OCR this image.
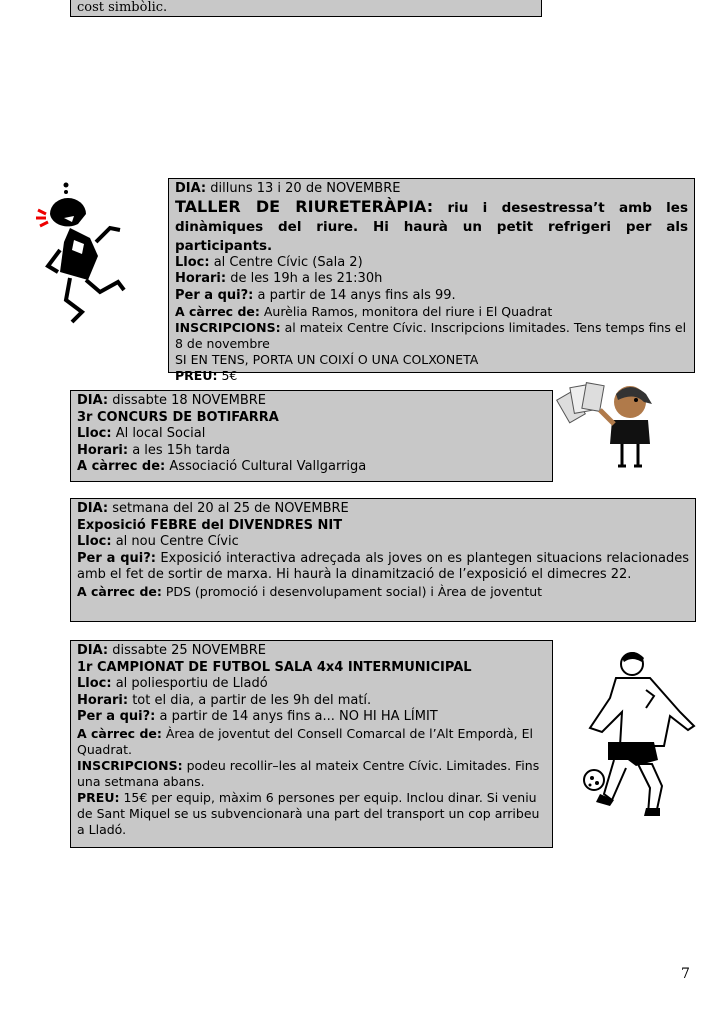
cost simbòlic.

DIA: dilluns 13 i 20 de NOVEMBRE

TALLER DE RIURETERÀPIA: riu i desestressa’t amb les dinàmiques del riure. Hi haurà un petit refrigeri per als participants.

Lloc: al Centre Cívic (Sala 2)

Horari: de les 19h a les 21:30h

Per a qui?: a partir de 14 anys fins als 99.

A càrrec de: Aurèlia Ramos, monitora del riure i El Quadrat

INSCRIPCIONS: al mateix Centre Cívic. Inscripcions limitades. Tens temps fins el 8 de novembre

SI EN TENS, PORTA UN COIXÍ O UNA COLXONETA

PREU: 5€

DIA: dissabte 18 NOVEMBRE

3r CONCURS DE BOTIFARRA

Lloc: Al local Social

Horari: a les 15h tarda

A càrrec de: Associació Cultural Vallgarriga

DIA: setmana del 20 al 25 de NOVEMBRE

Exposició FEBRE del DIVENDRES NIT

Lloc: al nou Centre Cívic

Per a qui?: Exposició interactiva adreçada als joves on es plantegen situacions relacionades amb el fet de sortir de marxa. Hi haurà la dinamització de l’exposició el dimecres 22.

A càrrec de: PDS (promoció i desenvolupament social) i Àrea de joventut

DIA: dissabte 25 NOVEMBRE

1r CAMPIONAT DE FUTBOL SALA 4x4 INTERMUNICIPAL

Lloc: al poliesportiu de Lladó

Horari: tot el dia, a partir de les 9h del matí.

Per a qui?: a partir de 14 anys fins a... NO HI HA LÍMIT

A càrrec de: Àrea de joventut del Consell Comarcal de l’Alt Empordà, El Quadrat.

INSCRIPCIONS: podeu recollir–les al mateix Centre Cívic. Limitades. Fins una setmana abans.

PREU: 15€ per equip, màxim 6 persones per equip. Inclou dinar. Si veniu de Sant Miquel se us subvencionarà una part del transport un cop arribeu a Lladó.

7
